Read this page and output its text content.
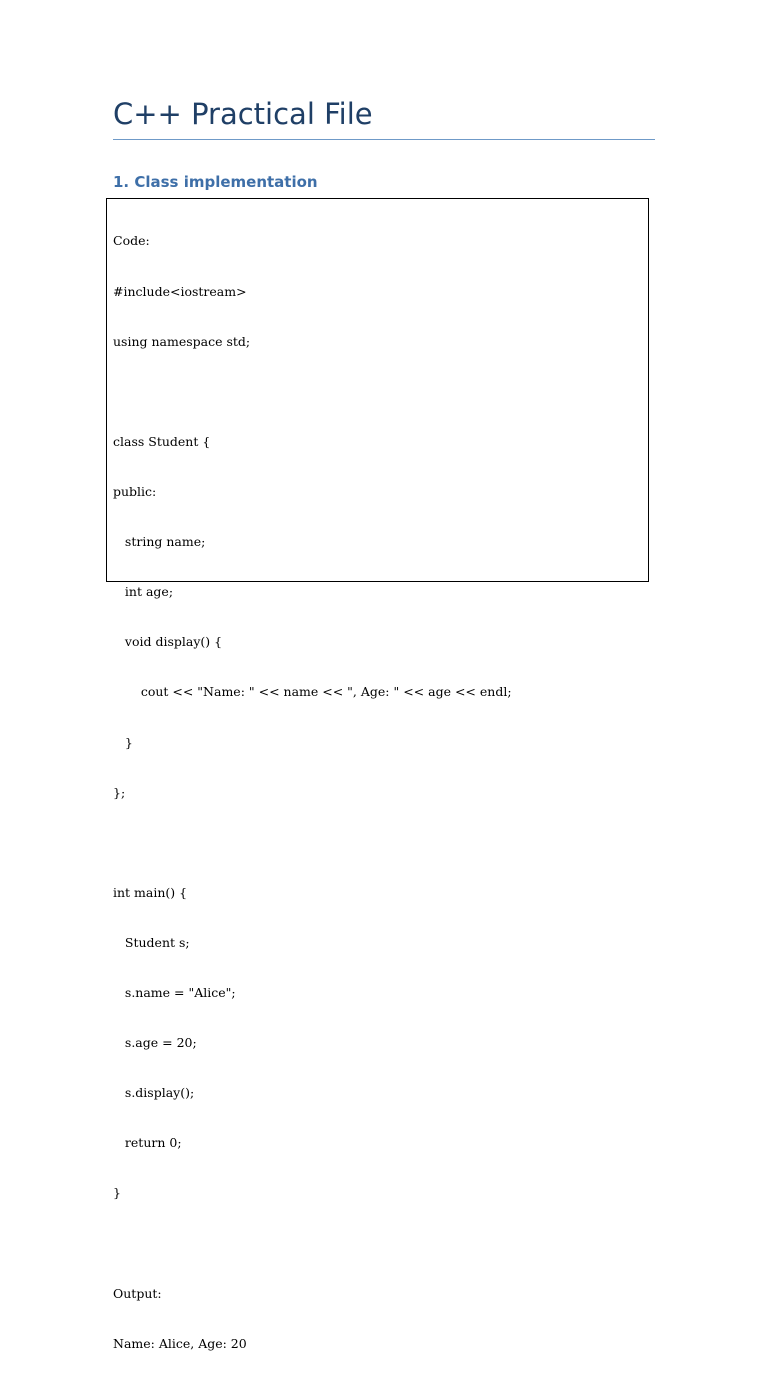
C++ Practical File
1. Class implementation

Code:

#include<iostream>

using namespace std;

class Student {

public:

string name;

int age;

void display() {

cout << "Name: " << name << ", Age: " << age << endl;

}

};

int main() {

Student s;

s.name = "Alice";

s.age = 20;

s.display();

return 0;

}

Output:

Name: Alice, Age: 20
